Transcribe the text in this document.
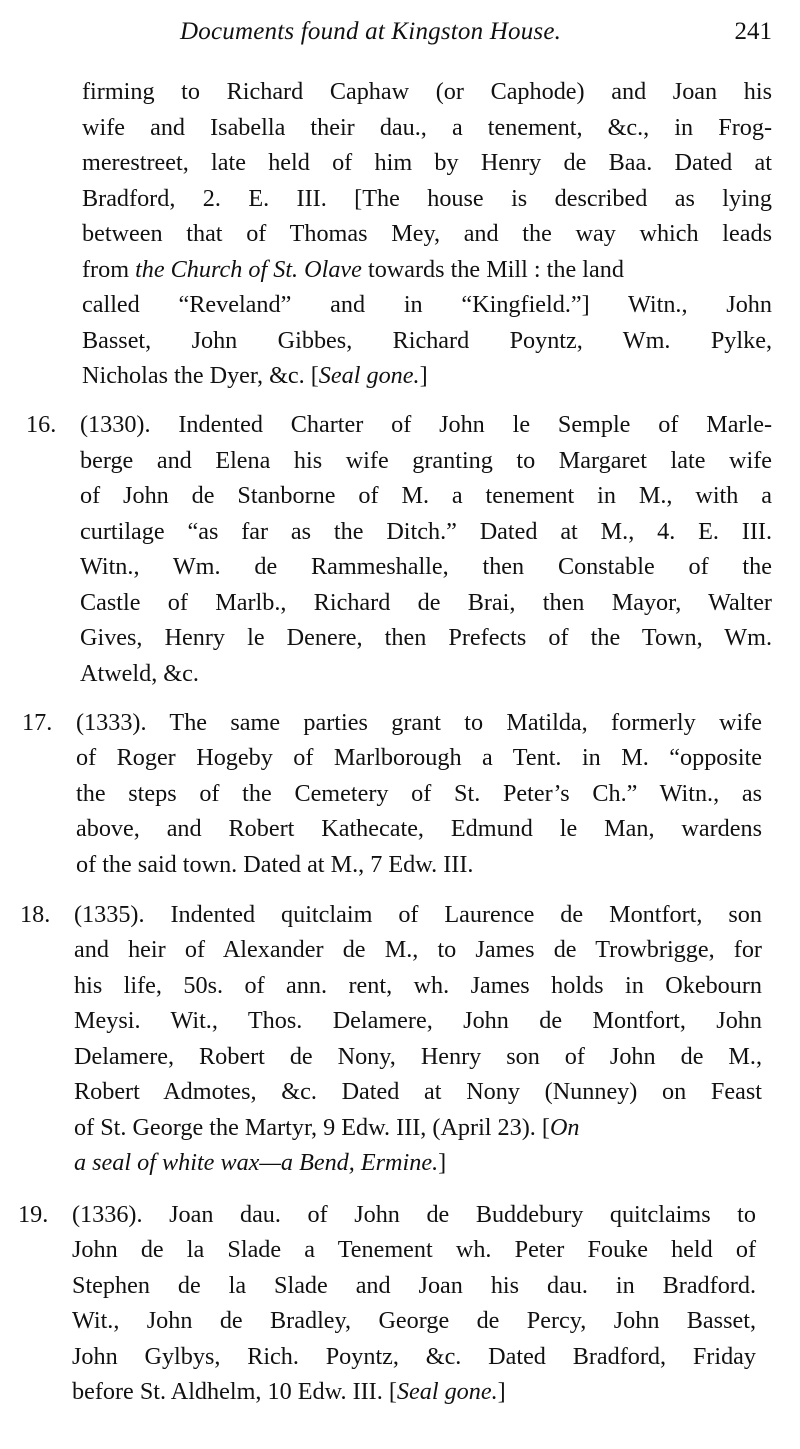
Documents found at Kingston House.	241
firming to Richard Caphaw (or Caphode) and Joan his
wife and Isabella their dau., a tenement, &c., in Frog-
merestreet, late held of him by Henry de Baa. Dated at
Bradford, 2. E. III. [The house is described as lying
between that of Thomas Mey, and the way which leads
from the Church of St. Olave towards the Mill : the land
called “Reveland” and in “Kingfield.”] Witn., John
Basset, John Gibbes, Richard Poyntz, Wm. Pylke,
Nicholas the Dyer, &c. [Seal gone.]
16. (1330). Indented Charter of John le Semple of Marle-
berge and Elena his wife granting to Margaret late wife
of John de Stanborne of M. a tenement in M., with a
curtilage “as far as the Ditch.” Dated at M., 4. E. III.
Witn., Wm. de Rammeshalle, then Constable of the
Castle of Marlb., Richard de Brai, then Mayor, Walter
Gives, Henry le Denere, then Prefects of the Town, Wm.
Atweld, &c.
17. (1333). The same parties grant to Matilda, formerly wife
of Roger Hogeby of Marlborough a Tent. in M. “opposite
the steps of the Cemetery of St. Peter’s Ch.” Witn., as
above, and Robert Kathecate, Edmund le Man, wardens
of the said town. Dated at M., 7 Edw. III.
18. (1335). Indented quitclaim of Laurence de Montfort, son
and heir of Alexander de M., to James de Trowbrigge, for
his life, 50s. of ann. rent, wh. James holds in Okebourn
Meysi. Wit., Thos. Delamere, John de Montfort, John
Delamere, Robert de Nony, Henry son of John de M.,
Robert Admotes, &c. Dated at Nony (Nunney) on Feast
of St. George the Martyr, 9 Edw. III, (April 23). [On
a seal of white wax—a Bend, Ermine.]
19. (1336). Joan dau. of John de Buddebury quitclaims to
John de la Slade a Tenement wh. Peter Fouke held of
Stephen de la Slade and Joan his dau. in Bradford.
Wit., John de Bradley, George de Percy, John Basset,
John Gylbys, Rich. Poyntz, &c. Dated Bradford, Friday
before St. Aldhelm, 10 Edw. III. [Seal gone.]
